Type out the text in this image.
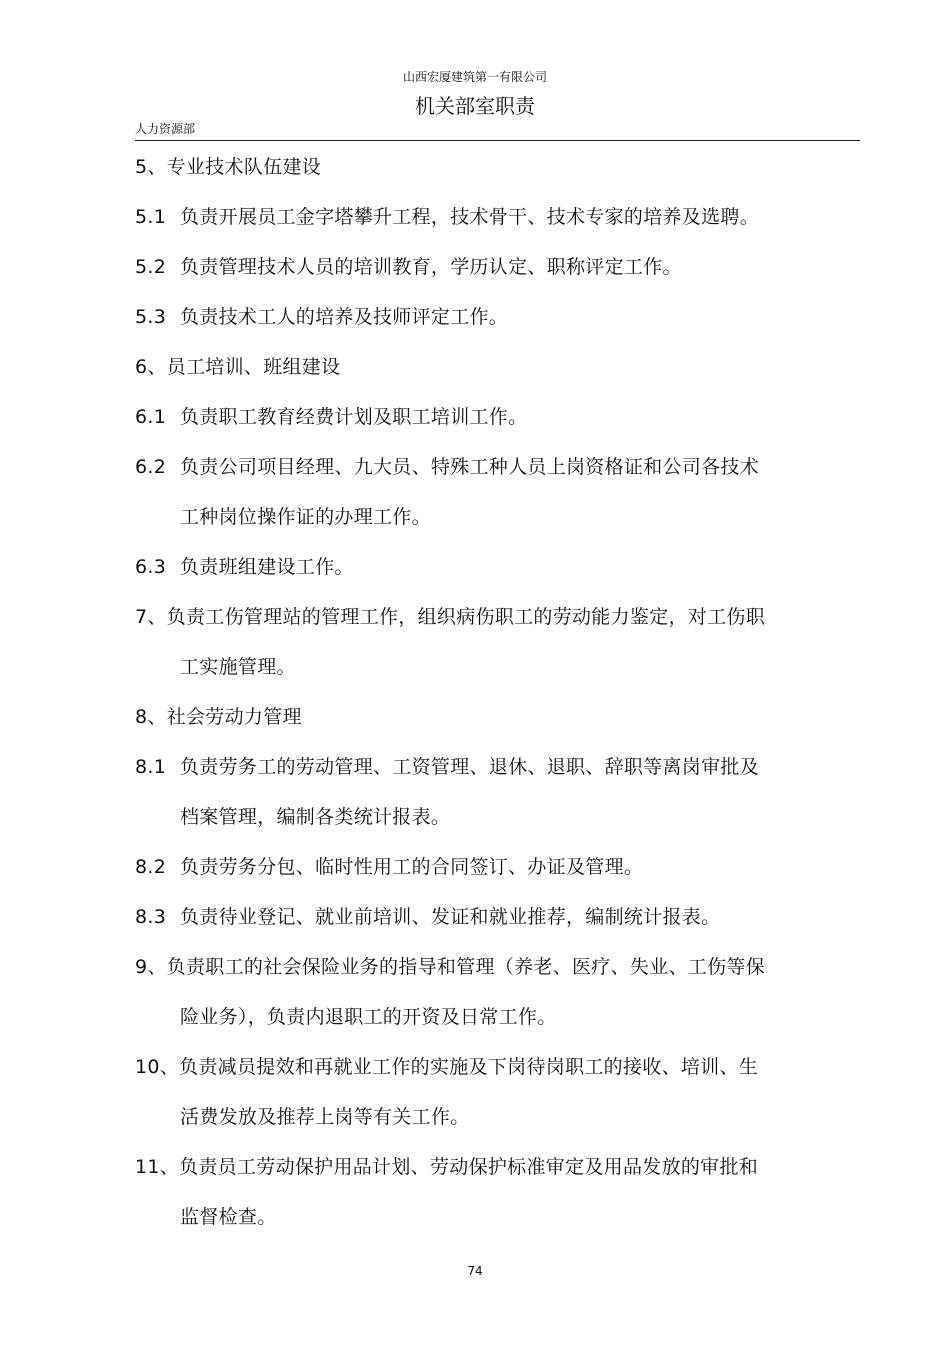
山西宏厦建筑第一有限公司
机关部室职责
人力资源部
5、专业技术队伍建设
5.1 负责开展员工金字塔攀升工程，技术骨干、技术专家的培养及选聘。
5.2 负责管理技术人员的培训教育，学历认定、职称评定工作。
5.3 负责技术工人的培养及技师评定工作。
6、员工培训、班组建设
6.1 负责职工教育经费计划及职工培训工作。
6.2 负责公司项目经理、九大员、特殊工种人员上岗资格证和公司各技术
工种岗位操作证的办理工作。
6.3 负责班组建设工作。
7、负责工伤管理站的管理工作，组织病伤职工的劳动能力鉴定，对工伤职
工实施管理。
8、社会劳动力管理
8.1 负责劳务工的劳动管理、工资管理、退休、退职、辞职等离岗审批及
档案管理，编制各类统计报表。
8.2 负责劳务分包、临时性用工的合同签订、办证及管理。
8.3 负责待业登记、就业前培训、发证和就业推荐，编制统计报表。
9、负责职工的社会保险业务的指导和管理（养老、医疗、失业、工伤等保
险业务），负责内退职工的开资及日常工作。
10、负责减员提效和再就业工作的实施及下岗待岗职工的接收、培训、生
活费发放及推荐上岗等有关工作。
11、负责员工劳动保护用品计划、劳动保护标准审定及用品发放的审批和
监督检查。
74
